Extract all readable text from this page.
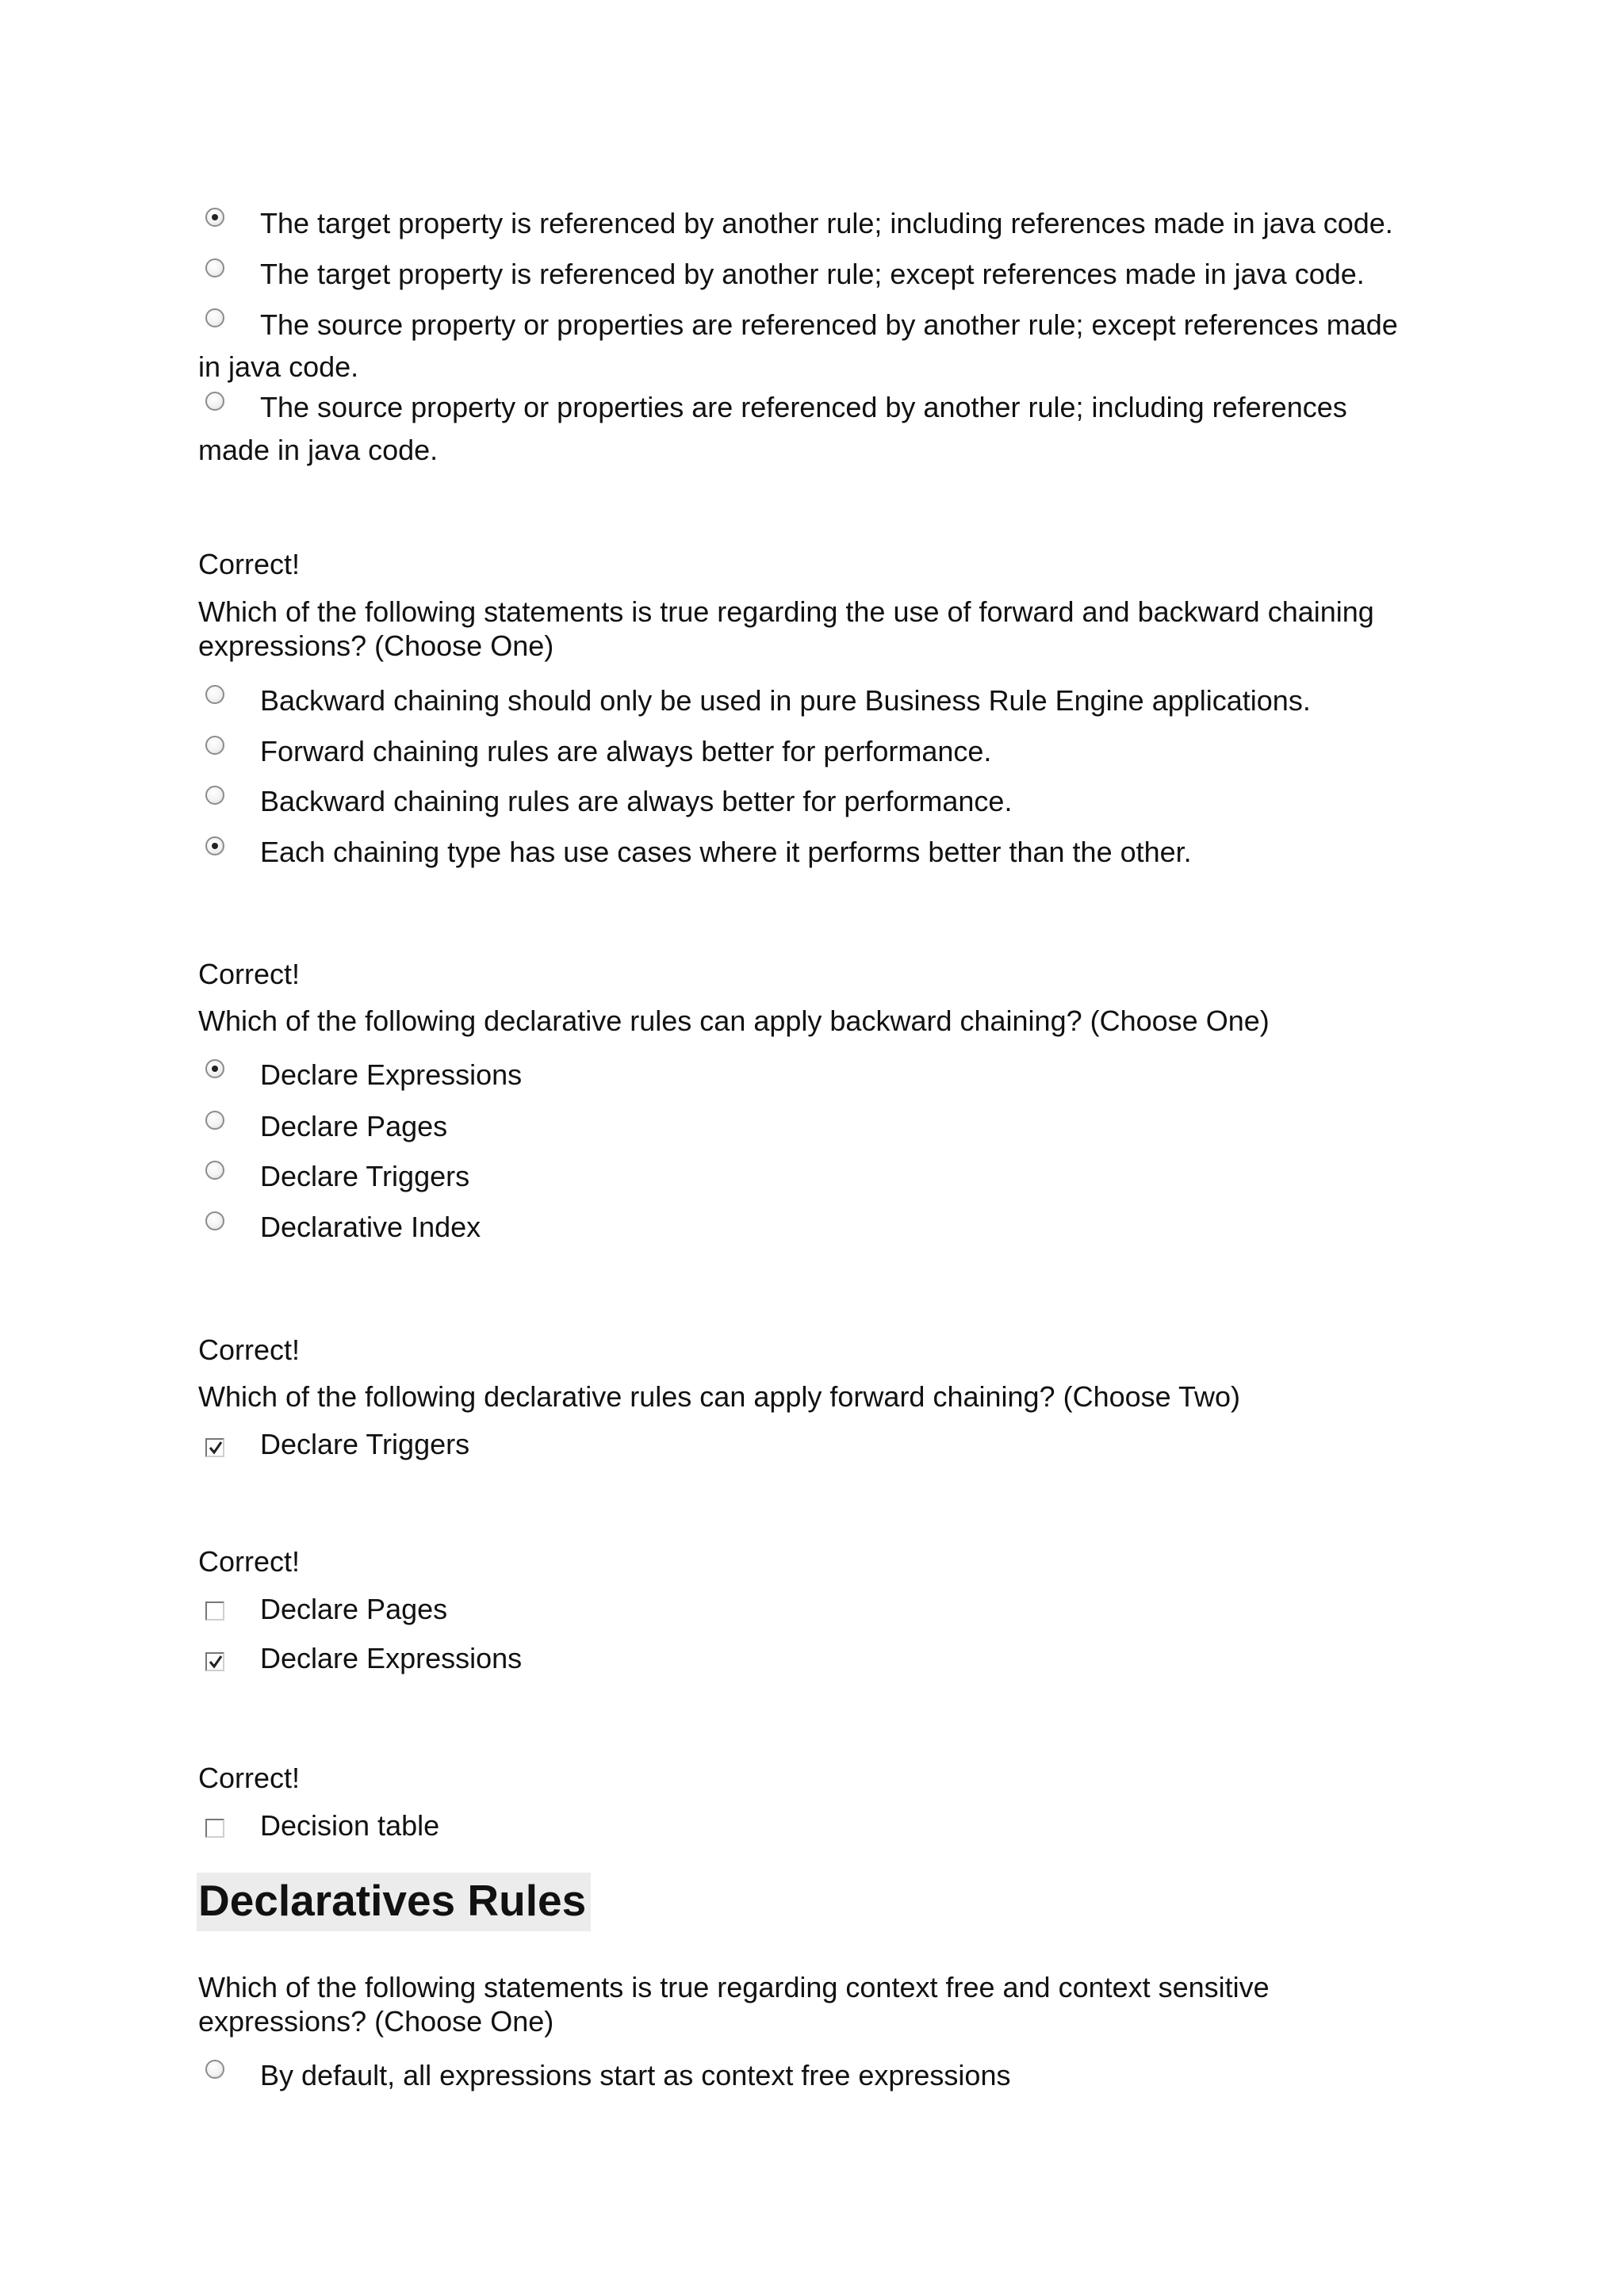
The target property is referenced by another rule; including references made in java code.
The target property is referenced by another rule; except references made in java code.
The source property or properties are referenced by another rule; except references made
in java code.
The source property or properties are referenced by another rule; including references
made in java code.
Correct!
Which of the following statements is true regarding the use of forward and backward chaining
expressions? (Choose One)
Backward chaining should only be used in pure Business Rule Engine applications.
Forward chaining rules are always better for performance.
Backward chaining rules are always better for performance.
Each chaining type has use cases where it performs better than the other.
Correct!
Which of the following declarative rules can apply backward chaining? (Choose One)
Declare Expressions
Declare Pages
Declare Triggers
Declarative Index
Correct!
Which of the following declarative rules can apply forward chaining? (Choose Two)
Declare Triggers
Correct!
Declare Pages
Declare Expressions
Correct!
Decision table
Declaratives Rules
Which of the following statements is true regarding context free and context sensitive
expressions? (Choose One)
By default, all expressions start as context free expressions
